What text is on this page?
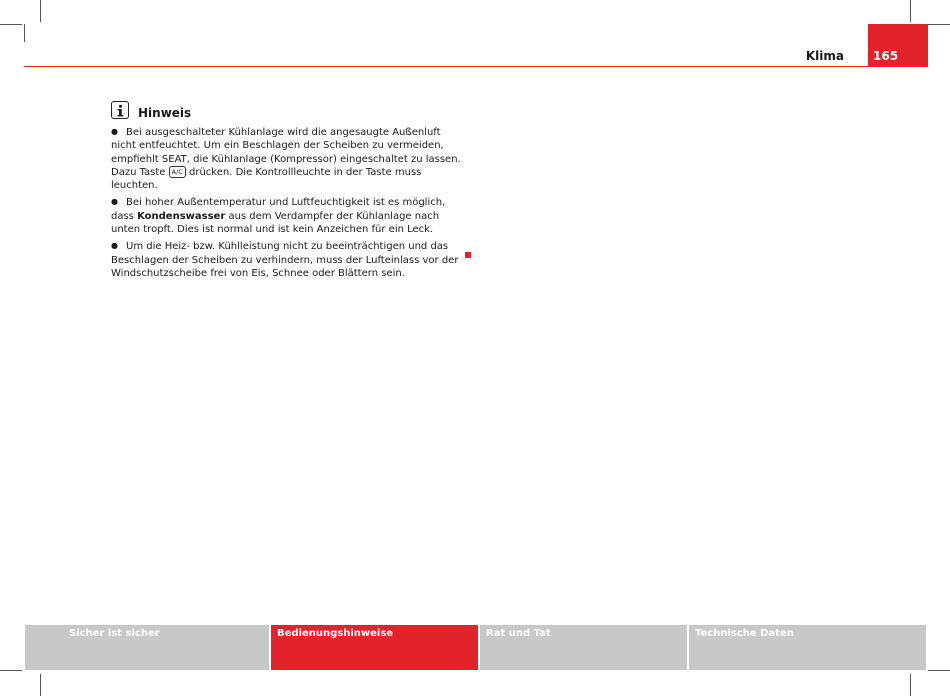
Klima 165
Hinweis
● Bei ausgeschalteter Kühlanlage wird die angesaugte Außenluft nicht entfeuchtet. Um ein Beschlagen der Scheiben zu vermeiden, empfiehlt SEAT, die Kühlanlage (Kompressor) eingeschaltet zu lassen. Dazu Taste A/C drücken. Die Kontrollleuchte in der Taste muss leuchten.
● Bei hoher Außentemperatur und Luftfeuchtigkeit ist es möglich, dass Kondenswasser aus dem Verdampfer der Kühlanlage nach unten tropft. Dies ist normal und ist kein Anzeichen für ein Leck.
● Um die Heiz- bzw. Kühlleistung nicht zu beeinträchtigen und das Beschlagen der Scheiben zu verhindern, muss der Lufteinlass vor der Windschutzscheibe frei von Eis, Schnee oder Blättern sein.
Sicher ist sicher	Bedienungshinweise	Rat und Tat	Technische Daten
